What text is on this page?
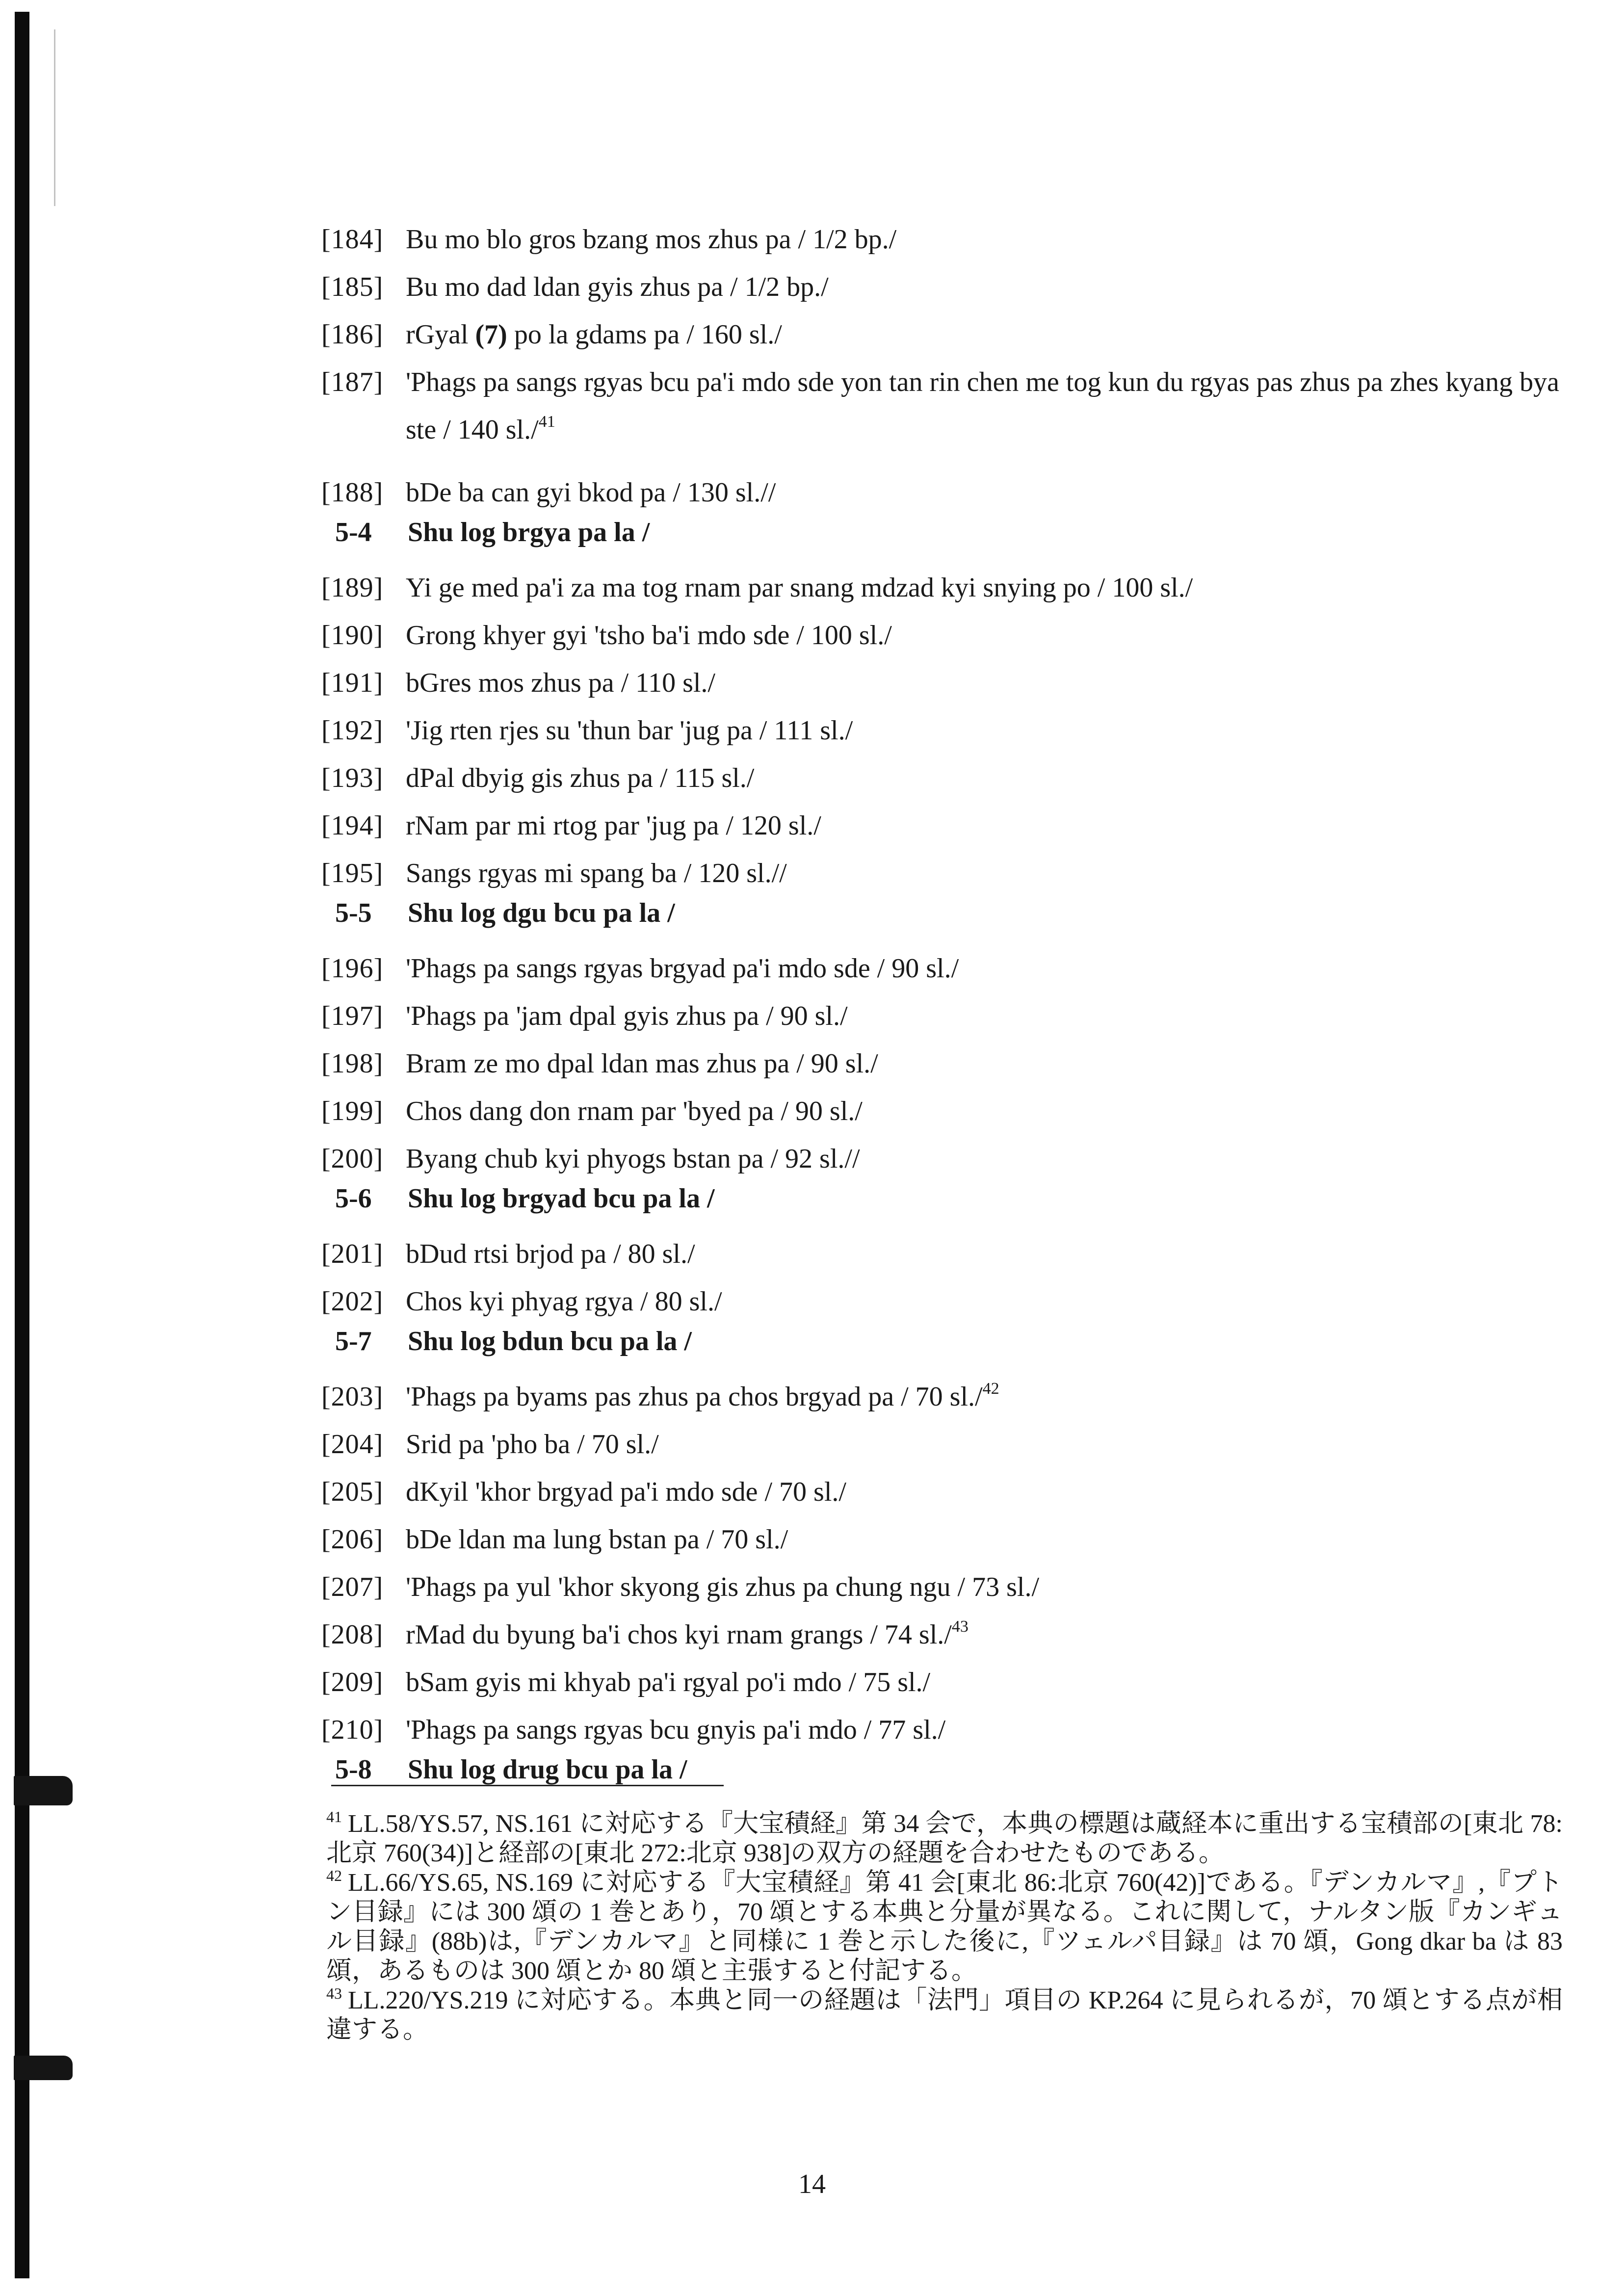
[184] Bu mo blo gros bzang mos zhus pa / 1/2 bp./
[185] Bu mo dad ldan gyis zhus pa / 1/2 bp./
[186] rGyal (7) po la gdams pa / 160 sl./
[187] 'Phags pa sangs rgyas bcu pa'i mdo sde yon tan rin chen me tog kun du rgyas pas zhus pa zhes kyang bya ste / 140 sl./$^{41}$
[188] bDe ba can gyi bkod pa / 130 sl.//
5-4	Shu log brgya pa la /
[189] Yi ge med pa'i za ma tog rnam par snang mdzad kyi snying po / 100 sl./
[190] Grong khyer gyi 'tsho ba'i mdo sde / 100 sl./
[191] bGres mos zhus pa / 110 sl./
[192] 'Jig rten rjes su 'thun bar 'jug pa / 111 sl./
[193] dPal dbyig gis zhus pa / 115 sl./
[194] rNam par mi rtog par 'jug pa / 120 sl./
[195] Sangs rgyas mi spang ba / 120 sl.//
5-5	Shu log dgu bcu pa la /
[196] 'Phags pa sangs rgyas brgyad pa'i mdo sde / 90 sl./
[197] 'Phags pa 'jam dpal gyis zhus pa / 90 sl./
[198] Bram ze mo dpal ldan mas zhus pa / 90 sl./
[199] Chos dang don rnam par 'byed pa / 90 sl./
[200] Byang chub kyi phyogs bstan pa / 92 sl.//
5-6	Shu log brgyad bcu pa la /
[201] bDud rtsi brjod pa / 80 sl./
[202] Chos kyi phyag rgya / 80 sl./
5-7	Shu log bdun bcu pa la /
[203] 'Phags pa byams pas zhus pa chos brgyad pa / 70 sl./$^{42}$
[204] Srid pa 'pho ba / 70 sl./
[205] dKyil 'khor brgyad pa'i mdo sde / 70 sl./
[206] bDe ldan ma lung bstan pa / 70 sl./
[207] 'Phags pa yul 'khor skyong gis zhus pa chung ngu / 73 sl./
[208] rMad du byung ba'i chos kyi rnam grangs / 74 sl./$^{43}$
[209] bSam gyis mi khyab pa'i rgyal po'i mdo / 75 sl./
[210] 'Phags pa sangs rgyas bcu gnyis pa'i mdo / 77 sl./
5-8	Shu log drug bcu pa la /

$^{41}$ LL.58/YS.57, NS.161 に対応する『大宝積経』第 34 会で，本典の標題は蔵経本に重出する宝積部の[東北 78:北京 760(34)]と経部の[東北 272:北京 938]の双方の経題を合わせたものである。

$^{42}$ LL.66/YS.65, NS.169 に対応する『大宝積経』第 41 会[東北 86:北京 760(42)]である。『デンカルマ』,『プトン目録』には 300 頌の 1 巻とあり，70 頌とする本典と分量が異なる。これに関して，ナルタン版『カンギュル目録』(88b)は,『デンカルマ』と同様に 1 巻と示した後に,『ツェルパ目録』は 70 頌，Gong dkar ba は 83 頌，あるものは 300 頌とか 80 頌と主張すると付記する。

$^{43}$ LL.220/YS.219 に対応する。本典と同一の経題は「法門」項目の KP.264 に見られるが，70 頌とする点が相違する。

14
